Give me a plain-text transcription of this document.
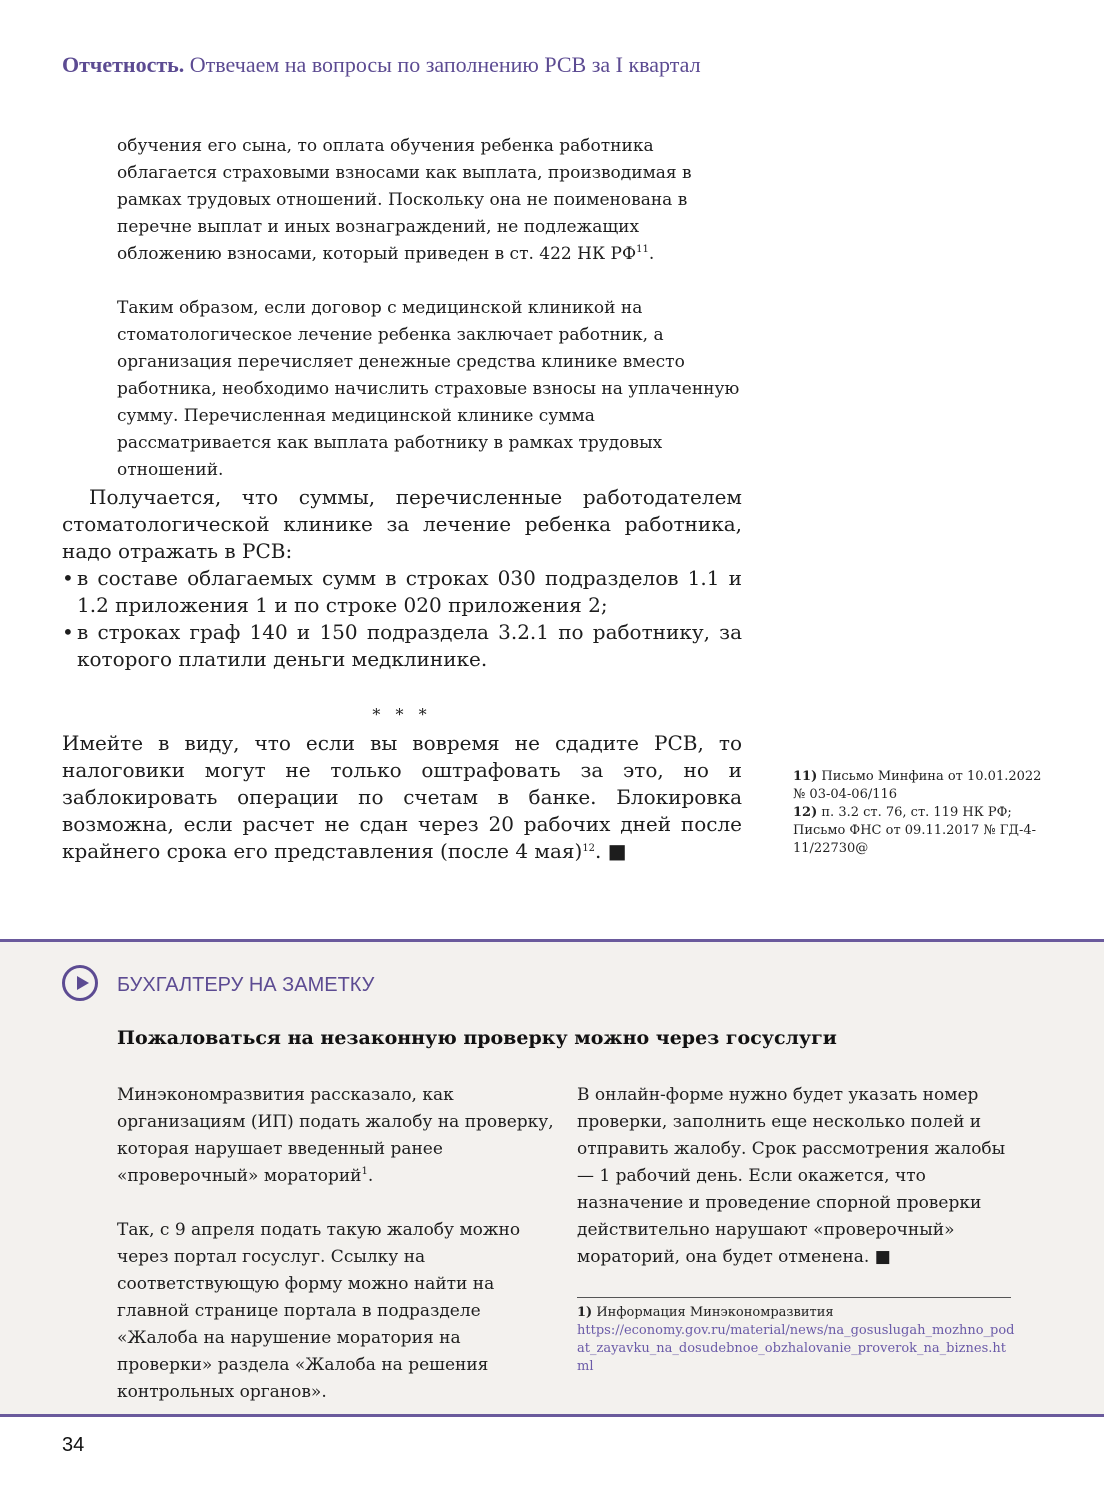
Отчетность. Отвечаем на вопросы по заполнению РСВ за I квартал

обучения его сына, то оплата обучения ребенка работника облагается страховыми взносами как выплата, производимая в рамках трудовых отношений. Поскольку она не поименована в перечне выплат и иных вознаграждений, не подлежащих обложению взносами, который приведен в ст. 422 НК РФ$^{11}$.

Таким образом, если договор с медицинской клиникой на стоматологическое лечение ребенка заключает работник, а организация перечисляет денежные средства клинике вместо работника, необходимо начислить страховые взносы на уплаченную сумму. Перечисленная медицинской клинике сумма рассматривается как выплата работнику в рамках трудовых отношений.

Получается, что суммы, перечисленные работодателем стоматологической клинике за лечение ребенка работника, надо отражать в РСВ:

• в составе облагаемых сумм в строках 030 подразделов 1.1 и 1.2 приложения 1 и по строке 020 приложения 2;
• в строках граф 140 и 150 подраздела 3.2.1 по работнику, за которого платили деньги медклинике.

* * *

Имейте в виду, что если вы вовремя не сдадите РСВ, то налоговики могут не только оштрафовать за это, но и заблокировать операции по счетам в банке. Блокировка возможна, если расчет не сдан через 20 рабочих дней после крайнего срока его представления (после 4 мая)$^{12}$. ■

11) Письмо Минфина от 10.01.2022 № 03-04-06/116

12) п. 3.2 ст. 76, ст. 119 НК РФ; Письмо ФНС от 09.11.2017 № ГД-4-11/22730@

БУХГАЛТЕРУ НА ЗАМЕТКУ
Пожаловаться на незаконную проверку можно через госуслуги

Минэкономразвития рассказало, как организациям (ИП) подать жалобу на проверку, которая нарушает введенный ранее «проверочный» мораторий$^1$.

Так, с 9 апреля подать такую жалобу можно через портал госуслуг. Ссылку на соответствующую форму можно найти на главной странице портала в подразделе «Жалоба на нарушение моратория на проверки» раздела «Жалоба на решения контрольных органов».

В онлайн-форме нужно будет указать номер проверки, заполнить еще несколько полей и отправить жалобу. Срок рассмотрения жалобы — 1 рабочий день. Если окажется, что назначение и проведение спорной проверки действительно нарушают «проверочный» мораторий, она будет отменена. ■

1) Информация Минэкономразвития
https://economy.gov.ru/material/news/na_gosuslugah_mozhno_podat_zayavku_na_dosudebnoe_obzhalovanie_proverok_na_biznes.html
34
